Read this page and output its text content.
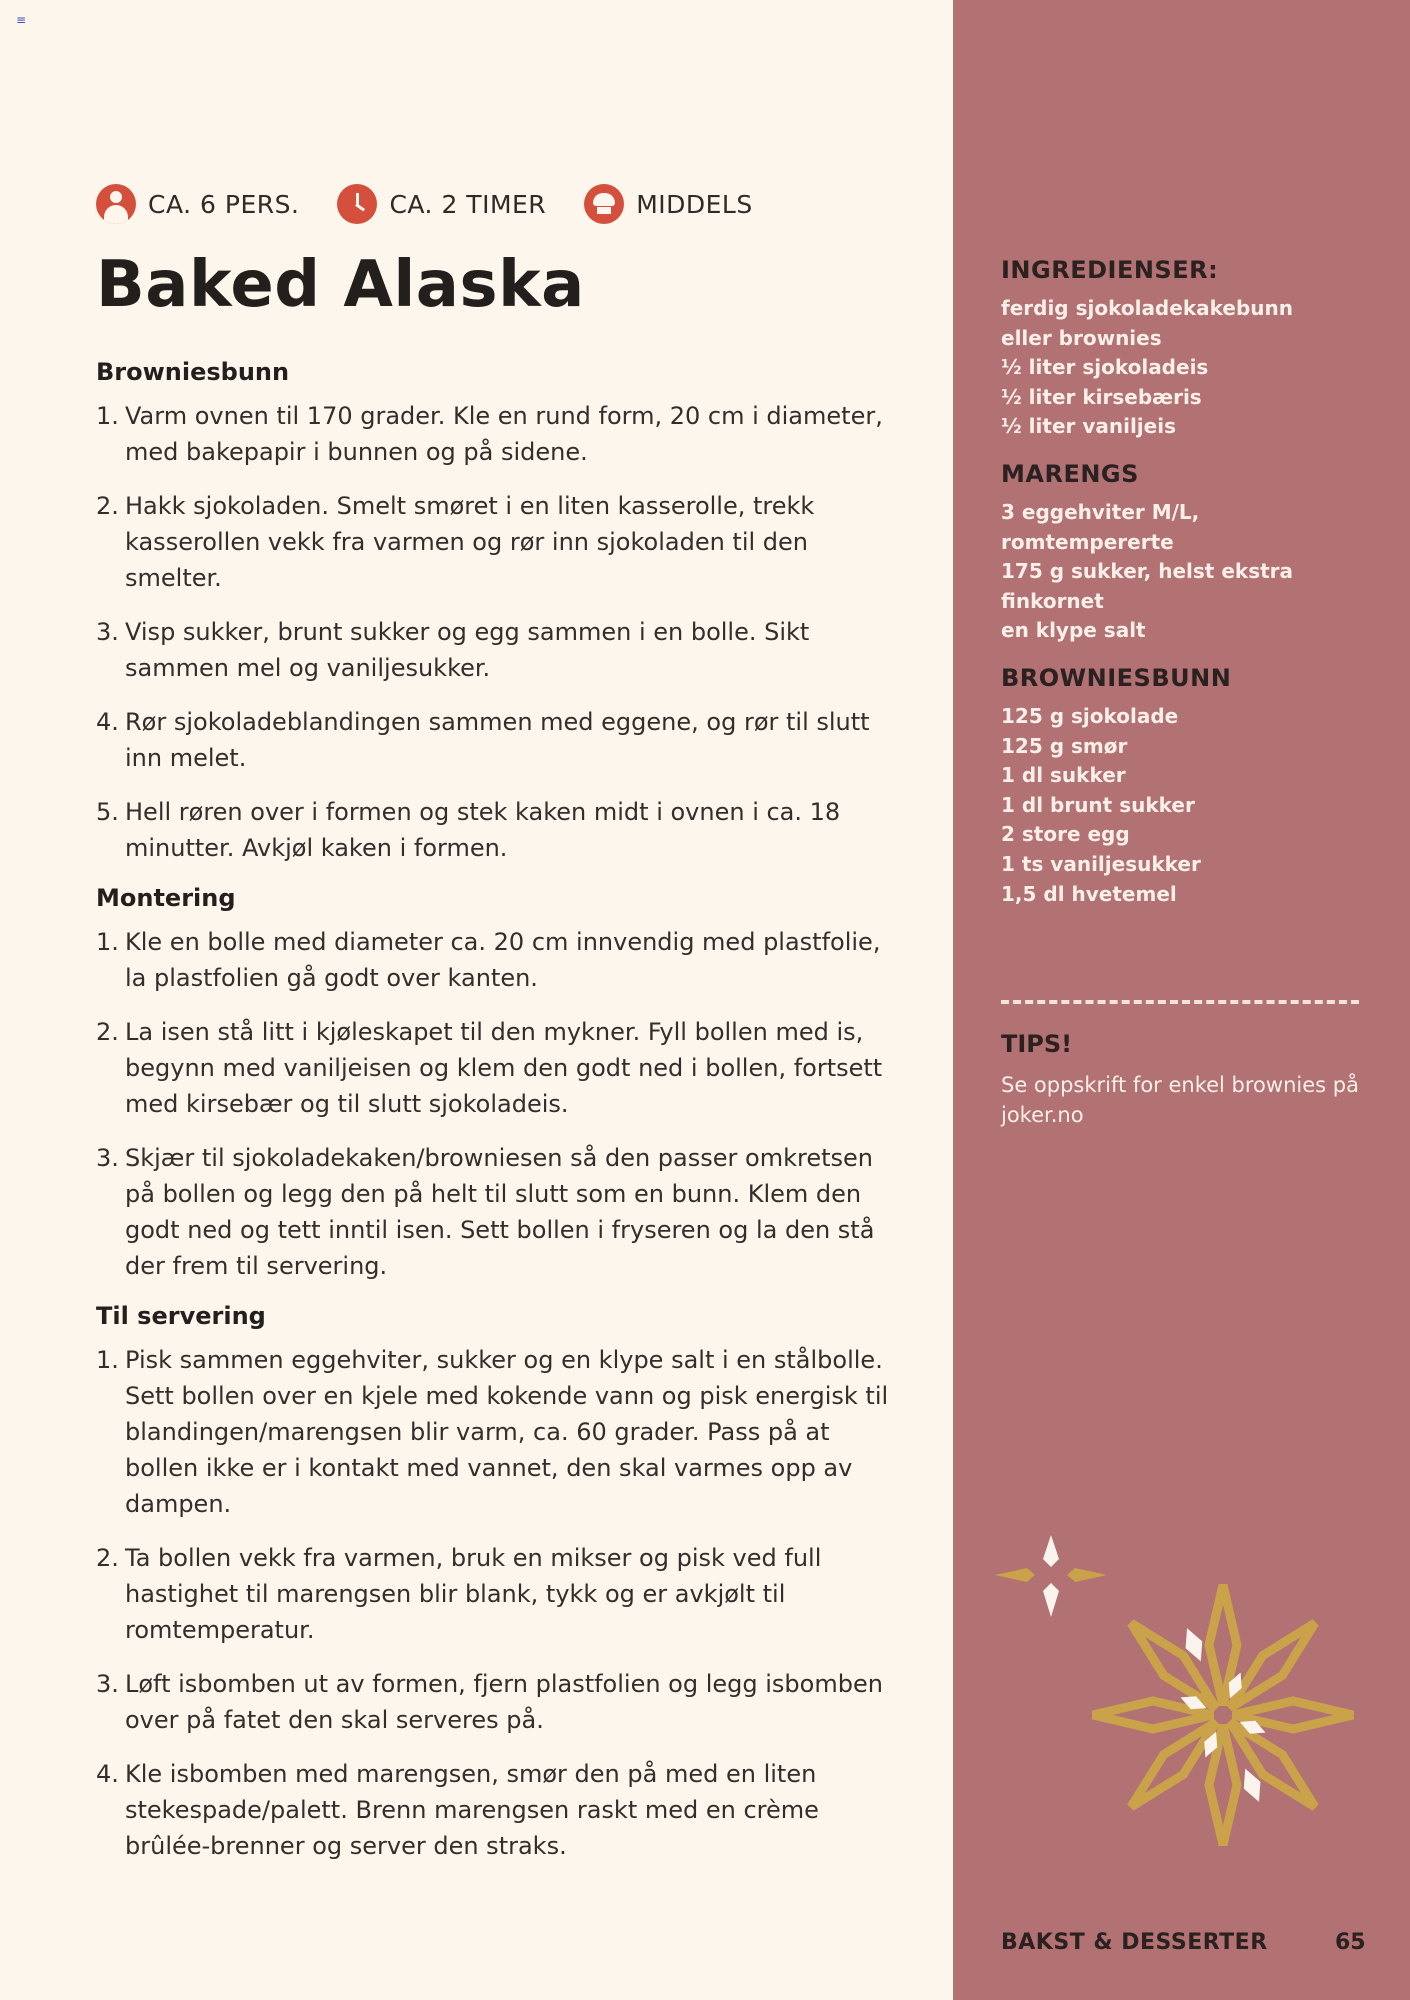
≡
CA. 6 PERS.	CA. 2 TIMER	MIDDELS
Baked Alaska
Browniesbunn
1. Varm ovnen til 170 grader. Kle en rund form, 20 cm i diameter, med bakepapir i bunnen og på sidene.
2. Hakk sjokoladen. Smelt smøret i en liten kasserolle, trekk kasserollen vekk fra varmen og rør inn sjokoladen til den smelter.
3. Visp sukker, brunt sukker og egg sammen i en bolle. Sikt sammen mel og vaniljesukker.
4. Rør sjokoladeblandingen sammen med eggene, og rør til slutt inn melet.
5. Hell røren over i formen og stek kaken midt i ovnen i ca. 18 minutter. Avkjøl kaken i formen.
Montering
1. Kle en bolle med diameter ca. 20 cm innvendig med plastfolie, la plastfolien gå godt over kanten.
2. La isen stå litt i kjøleskapet til den mykner. Fyll bollen med is, begynn med vaniljeisen og klem den godt ned i bollen, fortsett med kirsebær og til slutt sjokoladeis.
3. Skjær til sjokoladekaken/browniesen så den passer omkretsen på bollen og legg den på helt til slutt som en bunn. Klem den godt ned og tett inntil isen. Sett bollen i fryseren og la den stå der frem til servering.
Til servering
1. Pisk sammen eggehviter, sukker og en klype salt i en stålbolle. Sett bollen over en kjele med kokende vann og pisk energisk til blandingen/marengsen blir varm, ca. 60 grader. Pass på at bollen ikke er i kontakt med vannet, den skal varmes opp av dampen.
2. Ta bollen vekk fra varmen, bruk en mikser og pisk ved full hastighet til marengsen blir blank, tykk og er avkjølt til romtemperatur.
3. Løft isbomben ut av formen, fjern plastfolien og legg isbomben over på fatet den skal serveres på.
4. Kle isbomben med marengsen, smør den på med en liten stekespade/palett. Brenn marengsen raskt med en crème brûlée-brenner og server den straks.
INGREDIENSER:
ferdig sjokoladekakebunn
eller brownies
½ liter sjokoladeis
½ liter kirsebæris
½ liter vaniljeis
MARENGS
3 eggehviter M/L,
romtempererte
175 g sukker, helst ekstra
finkornet
en klype salt
BROWNIESBUNN
125 g sjokolade
125 g smør
1 dl sukker
1 dl brunt sukker
2 store egg
1 ts vaniljesukker
1,5 dl hvetemel
TIPS!

Se oppskrift for enkel brownies på joker.no

BAKST & DESSERTER	65
